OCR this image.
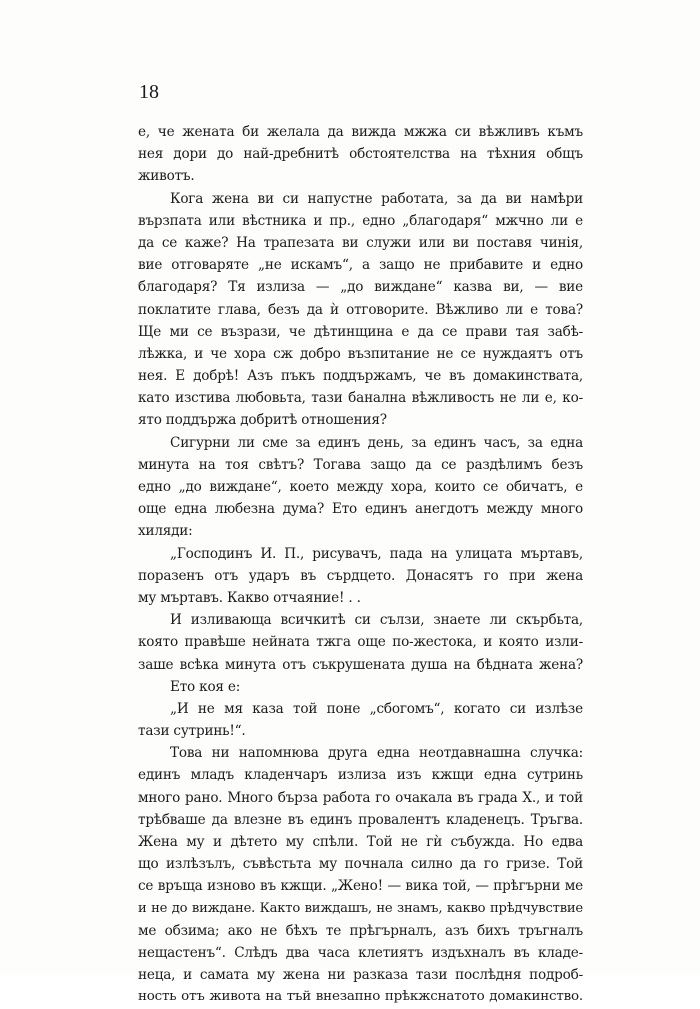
18
е, че жената би желала да вижда мжжа си вѣжливъ къмъ
нея дори до най-дребнитѣ обстоятелства на тѣхния общъ
животъ.
Кога жена ви си напустне работата, за да ви намѣри
вързпата или вѣстника и пр., едно „благодаря“ мжчно ли е
да се каже? На трапезата ви служи или ви поставя чинія,
вие отговаряте „не искамъ“, а защо не прибавите и едно
благодаря? Тя излиза — „до виждане“ казва ви, — вие
поклатите глава, безъ да ѝ отговорите. Вѣжливо ли е това?
Ще ми се възрази, че дѣтинщина е да се прави тая забѣ-
лѣжка, и че хора сж добро възпитание не се нуждаятъ отъ
нея. Е добрѣ! Азъ пъкъ поддържамъ, че въ домакинствата,
като изстива любовьта, тази банална вѣжливость не ли е, ко-
ято поддържа добритѣ отношения?
Сигурни ли сме за единъ день, за единъ часъ, за една
минута на тоя свѣтъ? Тогава защо да се раздѣлимъ безъ
едно „до виждане“, което между хора, които се обичатъ, е
още една любезна дума? Ето единъ анегдотъ между много
хиляди:
„Господинъ И. П., рисувачъ, пада на улицата мъртавъ,
поразенъ отъ ударъ въ сърдцето. Донасятъ го при жена
му мъртавъ. Какво отчаяние! . .
И изливающа всичкитѣ си сълзи, знаете ли скърбьта,
която правѣше нейната тжга още по-жестока, и която изли-
заше всѣка минута отъ съкрушената душа на бѣдната жена?
Ето коя е:
„И не мя каза той поне „сбогомъ“, когато си излѣзе
тази сутринь!“.
Това ни напомнюва друга една неотдавнашна случка:
единъ младъ кладенчаръ излиза изъ кжщи една сутринь
много рано. Много бърза работа го очакала въ града Х., и той
трѣбваше да влезне въ единъ провалентъ кладенецъ. Тръгва.
Жена му и дѣтето му спѣли. Той не гѝ събужда. Но едва
що излѣзълъ, съвѣстьта му почнала силно да го гризе. Той
се връща изново въ кжщи. „Жено! — вика той, — прѣгърни ме
и не до виждане. Както виждашъ, не знамъ, какво прѣдчувствие
ме обзима; ако не бѣхъ те прѣгърналъ, азъ бихъ тръгналъ
нещастенъ“. Слѣдъ два часа клетиятъ издъхналъ въ кладе-
неца, и самата му жена ни разказа тази послѣдня подроб-
ность отъ живота на тъй внезапно прѣкжснатото домакинство.
